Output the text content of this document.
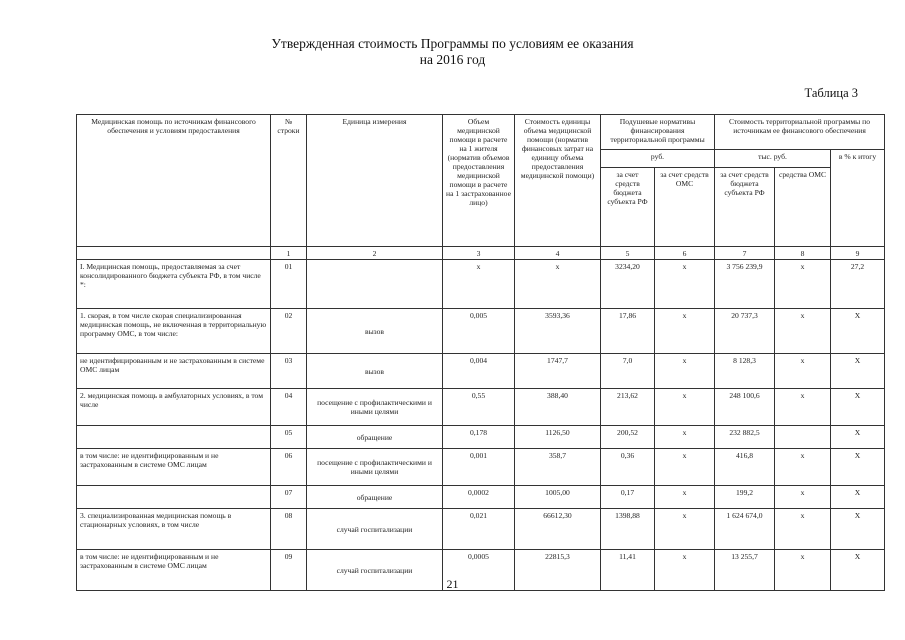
Утвержденная стоимость Программы по условиям ее оказания
на 2016 год
Таблица 3
Медицинская помощь по источникам финансового обеспечения и условиям предоставления	№ строки	Единица измерения	Объем медицинской помощи в расчете на 1 жителя (норматив объемов предоставления медицинской помощи в расчете на 1 застрахованное лицо)	Стоимость единицы объема медицинской помощи (норматив финансовых затрат на единицу объема предоставления медицинской помощи)	Подушевые нормативы финансирования территориальной программы		Стоимость территориальной программы по источникам ее финансового обеспечения		
					руб.		тыс. руб.		в % к итогу
					за счет средств бюджета субъекта РФ	за счет средств ОМС	за счет средств бюджета субъекта РФ	средства ОМС	
	1	2	3	4	5	6	7	8	9
I. Медицинская помощь, предоставляемая за счет консолидированного бюджета субъекта РФ, в том числе *:	01		х	х	3234,20	х	3 756 239,9	х	27,2
1. скорая, в том числе скорая специализированная медицинская помощь, не включенная в территориальную программу ОМС, в том числе:	02	вызов	0,005	3593,36	17,86	х	20 737,3	х	Х
не идентифицированным и не застрахованным в системе ОМС лицам	03	вызов	0,004	1747,7	7,0	х	8 128,3	х	Х
2. медицинская помощь в амбулаторных условиях, в том числе	04	посещение с профилактическими и иными целями	0,55	388,40	213,62	х	248 100,6	х	Х
	05	обращение	0,178	1126,50	200,52	х	232 882,5		Х
в том числе: не идентифицированным и не застрахованным в системе ОМС лицам	06	посещение с профилактическими и иными целями	0,001	358,7	0,36	х	416,8	х	Х
	07	обращение	0,0002	1005,00	0,17	х	199,2	х	Х
3. специализированная медицинская помощь в стационарных условиях, в том числе	08	случай госпитализации	0,021	66612,30	1398,88	х	1 624 674,0	х	Х
в том числе: не идентифицированным и не застрахованным в системе ОМС лицам	09	случай госпитализации	0,0005	22815,3	11,41	х	13 255,7	х	Х
21
